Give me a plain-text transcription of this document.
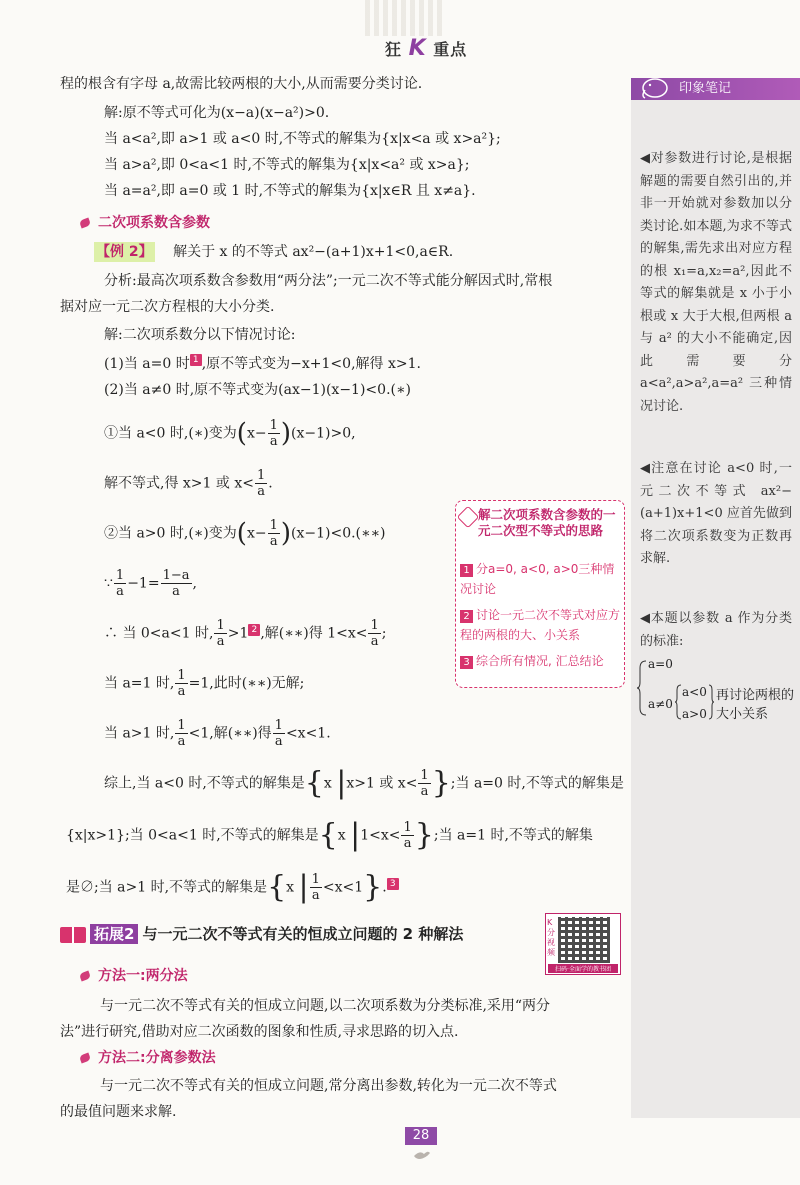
狂 K 重点
程的根含有字母 a,故需比较两根的大小,从而需要分类讨论.
解:原不等式可化为(x−a)(x−a²)>0.
当 a<a²,即 a>1 或 a<0 时,不等式的解集为{x|x<a 或 x>a²};
当 a>a²,即 0<a<1 时,不等式的解集为{x|x<a² 或 x>a};
当 a=a²,即 a=0 或 1 时,不等式的解集为{x|x∈R 且 x≠a}.
二次项系数含参数
【例 2】 解关于 x 的不等式 ax²−(a+1)x+1<0,a∈R.
分析:最高次项系数含参数用“两分法”;一元二次不等式能分解因式时,常根
据对应一元二次方程根的大小分类.
解:二次项系数分以下情况讨论:
(1)当 a=0 时 1 ,原不等式变为−x+1<0,解得 x>1.
(2)当 a≠0 时,原不等式变为(ax−1)(x−1)<0.(∗)
①当 a<0 时,(∗)变为$(x- \frac{1}{a} )(x-1)>0$,
解不等式,得 x>1 或 $x< \frac{1}{a}$ .
②当 a>0 时,(∗)变为($x- \frac{1}{a}$ )(x−1)<0.(∗∗)
∵ $\frac{1}{a} -1= \frac{1-a}{a}$ ,
∴ 当 0<a<1 时, $\frac{1}{a} >1$ 2 ,解(∗∗)得 $1<x< \frac{1}{a}$ ;
当 a=1 时, $\frac{1}{a} =1$,此时(∗∗)无解;
当 a>1 时, $\frac{1}{a} <1$,解(∗∗)得 $\frac{1}{a} <x<1$.
综上,当 a<0 时,不等式的解集是{x |x>1 或 $x< \frac{1}{a}$ };当 a=0 时,不等式的解集是
{x|x>1};当 0<a<1 时,不等式的解集是{x $|1<x< \frac{1}{a}$ };当 a=1 时,不等式的解集
是∅;当 a>1 时,不等式的解集是{x | $\frac{1}{a} <x<1$}. 3
解二次项系数含参数的一元二次型不等式的思路
1 分a=0, a<0, a>0三种情况讨论
2 讨论一元二次不等式对应方程的两根的大、小关系
3 综合所有情况, 汇总结论
印象笔记
◀对参数进行讨论,是根据解题的需要自然引出的,并非一开始就对参数加以分类讨论.如本题,为求不等式的解集,需先求出对应方程的根 x₁=a,x₂=a²,因此不等式的解集就是 x 小于小根或 x 大于大根,但两根 a 与 a² 的大小不能确定,因此需要分 a<a²,a>a²,a=a² 三种情况讨论.
◀注意在讨论 a<0 时,一元二次不等式 ax²−(a+1)x+1<0 应首先做到将二次项系数变为正数再求解.
◀本题以参数 a 作为分类的标准:
a=0
a≠0
a<0
a>0
再讨论两根的大小关系
拓展2 与一元二次不等式有关的恒成立问题的 2 种解法
K分视频
扫码·全面学的教书团
方法一:两分法
与一元二次不等式有关的恒成立问题,以二次项系数为分类标准,采用“两分
法”进行研究,借助对应二次函数的图象和性质,寻求思路的切入点.
方法二:分离参数法
与一元二次不等式有关的恒成立问题,常分离出参数,转化为一元二次不等式
的最值问题来求解.
28
